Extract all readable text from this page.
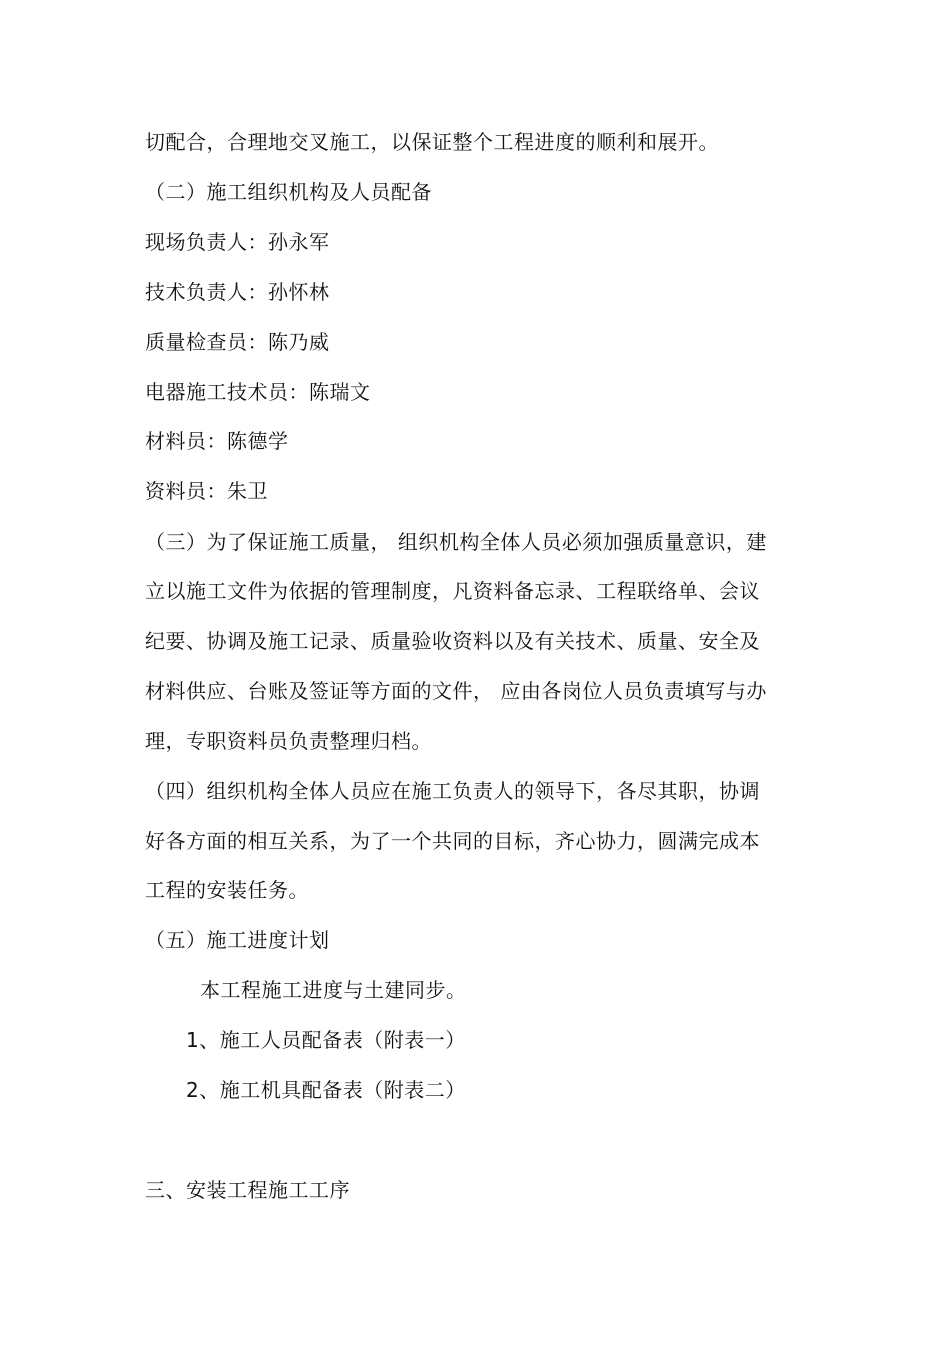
切配合，合理地交叉施工，以保证整个工程进度的顺利和展开。
（二）施工组织机构及人员配备
现场负责人：孙永军
技术负责人：孙怀林
质量检查员：陈乃威
电器施工技术员：陈瑞文
材料员：陈德学
资料员：朱卫
（三）为了保证施工质量， 组织机构全体人员必须加强质量意识，建
立以施工文件为依据的管理制度，凡资料备忘录、工程联络单、会议
纪要、协调及施工记录、质量验收资料以及有关技术、质量、安全及
材料供应、台账及签证等方面的文件， 应由各岗位人员负责填写与办
理，专职资料员负责整理归档。
（四）组织机构全体人员应在施工负责人的领导下，各尽其职，协调
好各方面的相互关系，为了一个共同的目标，齐心协力，圆满完成本
工程的安装任务。
（五）施工进度计划
本工程施工进度与土建同步。
1、施工人员配备表（附表一）
2、施工机具配备表（附表二）
三、安装工程施工工序
